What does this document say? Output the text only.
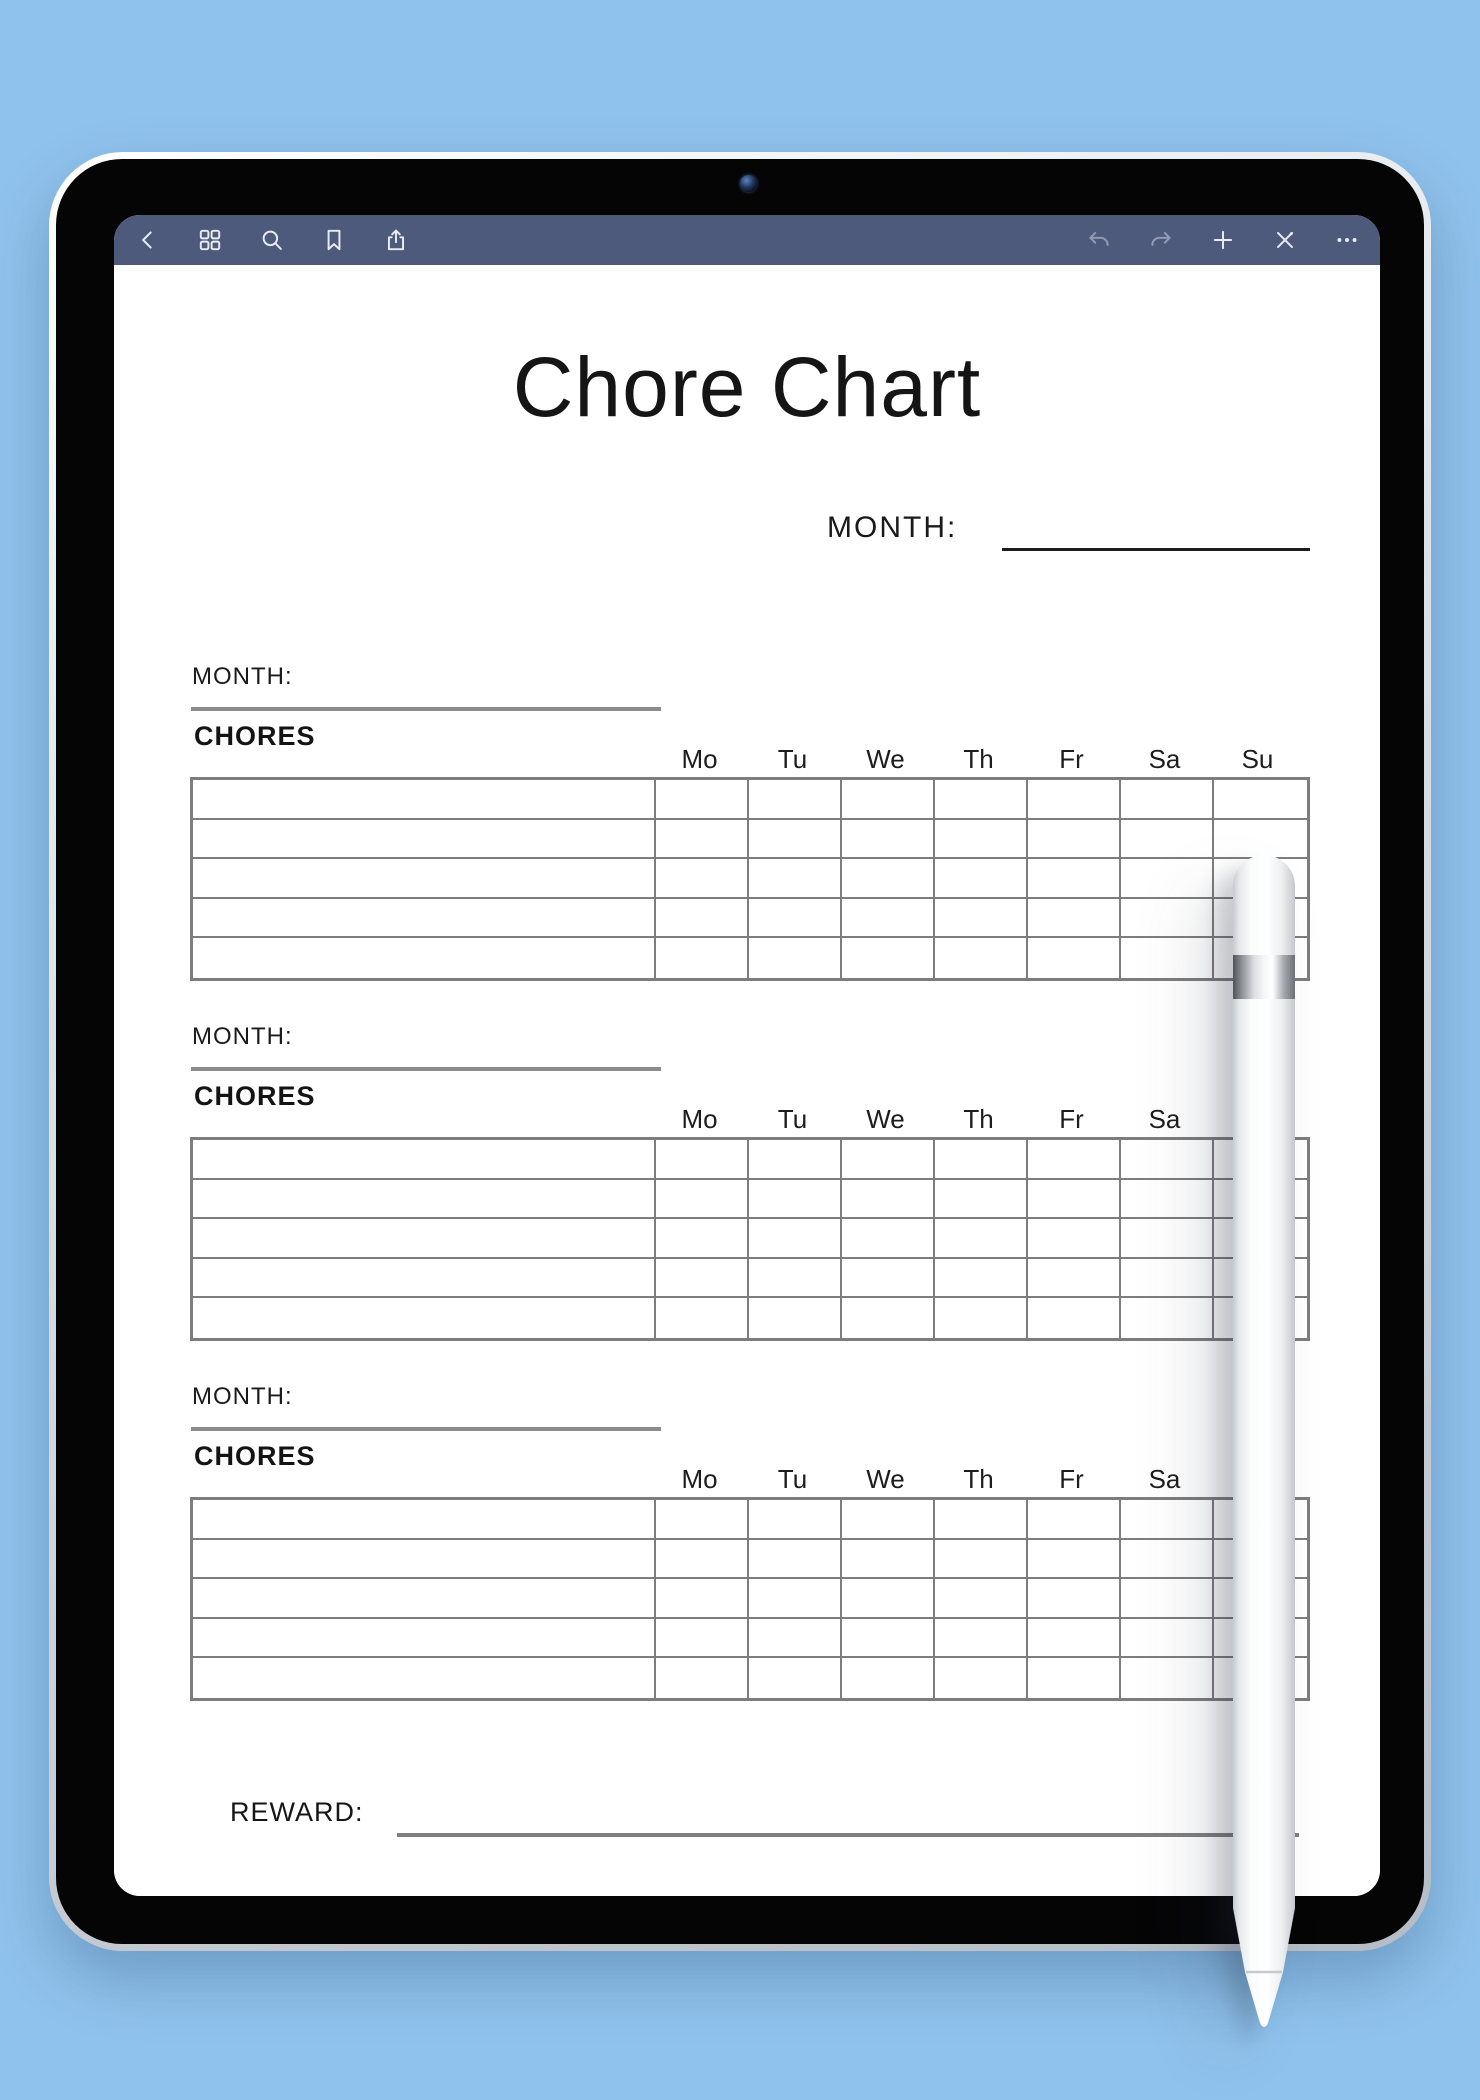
Chore Chart
MONTH:
MONTH:
CHORES
Mo	Tu	We	Th	Fr	Sa	Su
MONTH:
CHORES
Mo	Tu	We	Th	Fr	Sa
MONTH:
CHORES
Mo	Tu	We	Th	Fr	Sa
REWARD:
